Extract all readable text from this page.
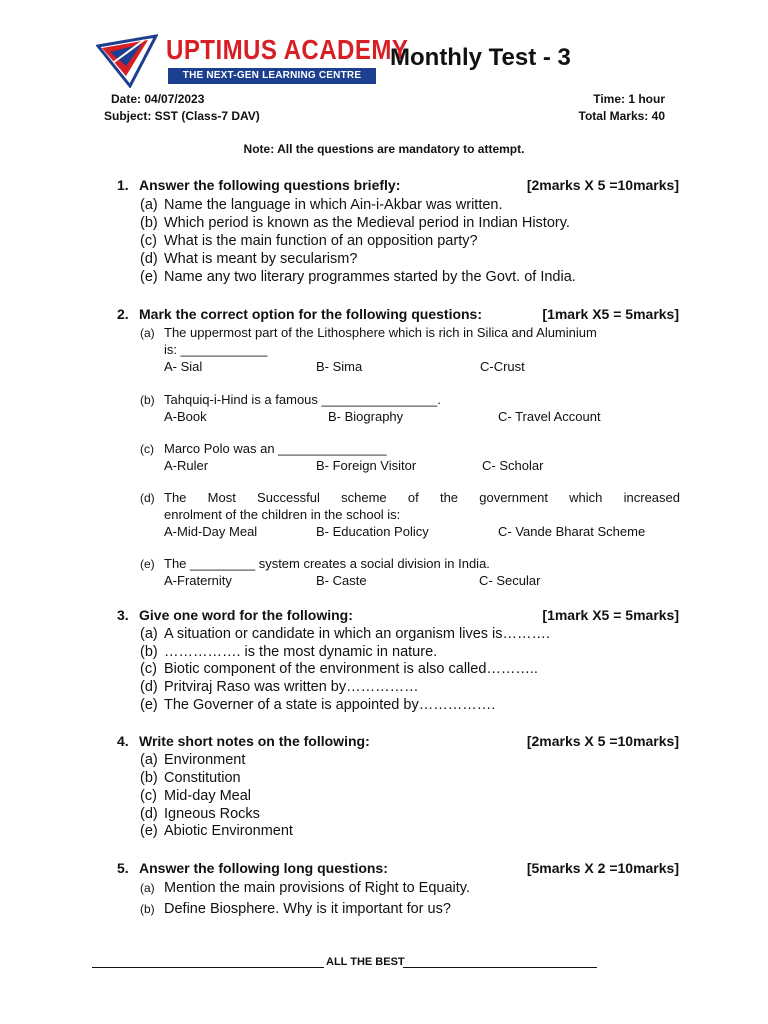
UPTIMUS ACADEMY
THE NEXT-GEN LEARNING CENTRE
Monthly Test - 3
Date: 04/07/2023
Subject: SST (Class-7 DAV)
Time: 1 hour
Total Marks: 40
Note: All the questions are mandatory to attempt.
1. Answer the following questions briefly:	[2marks X 5 =10marks]
(a) Name the language in which Ain-i-Akbar was written.
(b) Which period is known as the Medieval period in Indian History.
(c) What is the main function of an opposition party?
(d) What is meant by secularism?
(e) Name any two literary programmes started by the Govt. of India.
2. Mark the correct option for the following questions:	[1mark X5 = 5marks]
(a) The uppermost part of the Lithosphere which is rich in Silica and Aluminium
is: ____________
A- Sial	B- Sima	C-Crust
(b) Tahquiq-i-Hind is a famous ________________.
A-Book	B- Biography	C- Travel Account
(c) Marco Polo was an _______________
A-Ruler	B- Foreign Visitor	C- Scholar
(d) The Most Successful scheme of the government which increased
enrolment of the children in the school is:
A-Mid-Day Meal	B- Education Policy	C- Vande Bharat Scheme
(e) The _________ system creates a social division in India.
A-Fraternity	B- Caste	C- Secular
3. Give one word for the following:	[1mark X5 = 5marks]
(a) A situation or candidate in which an organism lives is……….
(b) ……………. is the most dynamic in nature.
(c) Biotic component of the environment is also called………..
(d) Pritviraj Raso was written by……………
(e) The Governer of a state is appointed by…………….
4. Write short notes on the following:	[2marks X 5 =10marks]
(a) Environment
(b) Constitution
(c) Mid-day Meal
(d) Igneous Rocks
(e) Abiotic Environment
5. Answer the following long questions:	[5marks X 2 =10marks]
(a) Mention the main provisions of Right to Equaity.
(b) Define Biosphere. Why is it important for us?
ALL THE BEST
